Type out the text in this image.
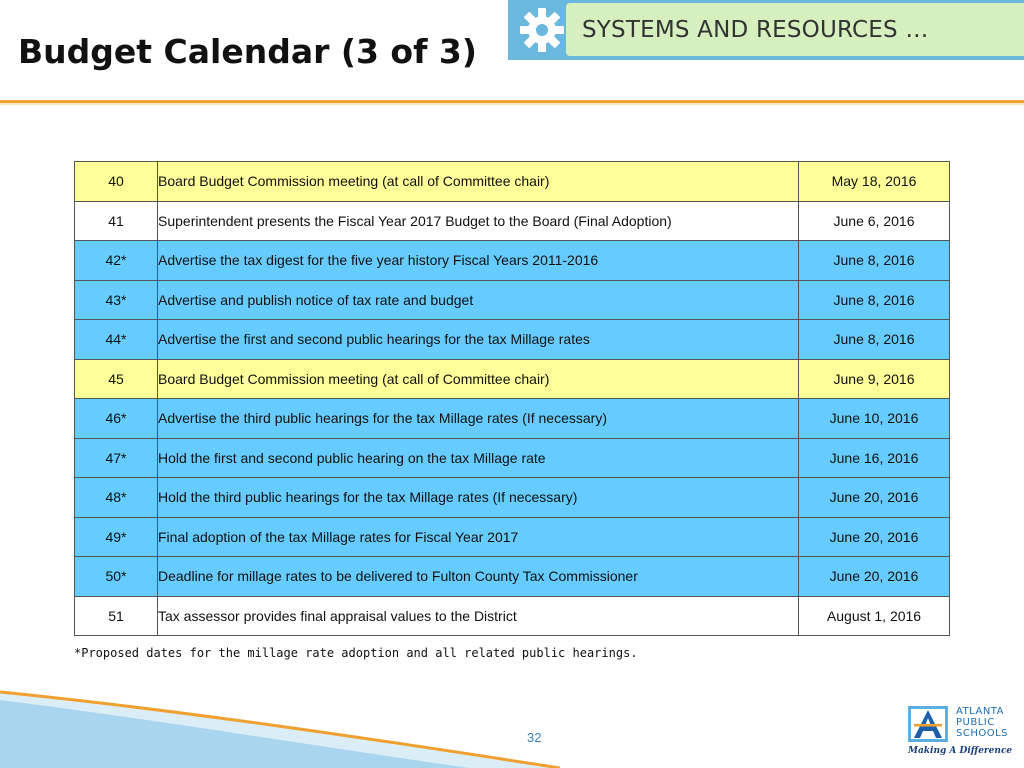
Budget Calendar (3 of 3)
SYSTEMS AND RESOURCES …
40	Board Budget Commission meeting (at call of Committee chair)	May 18, 2016
41	Superintendent presents the Fiscal Year 2017 Budget to the Board (Final Adoption)	June 6, 2016
42*	Advertise the tax digest for the five year history Fiscal Years 2011-2016	June 8, 2016
43*	Advertise and publish notice of tax rate and budget	June 8, 2016
44*	Advertise the first and second public hearings for the tax Millage rates	June 8, 2016
45	Board Budget Commission meeting (at call of Committee chair)	June 9, 2016
46*	Advertise the third public hearings for the tax Millage rates (If necessary)	June 10, 2016
47*	Hold the first and second public hearing on the tax Millage rate	June 16, 2016
48*	Hold the third public hearings for the tax Millage rates (If necessary)	June 20, 2016
49*	Final adoption of the tax Millage rates for Fiscal Year 2017	June 20, 2016
50*	Deadline for millage rates to be delivered to Fulton County Tax Commissioner	June 20, 2016
51	Tax assessor provides final appraisal values to the District	August 1, 2016

*Proposed dates for the millage rate adoption and all related public hearings.

32
ATLANTA
PUBLIC
SCHOOLS
Making A Difference
